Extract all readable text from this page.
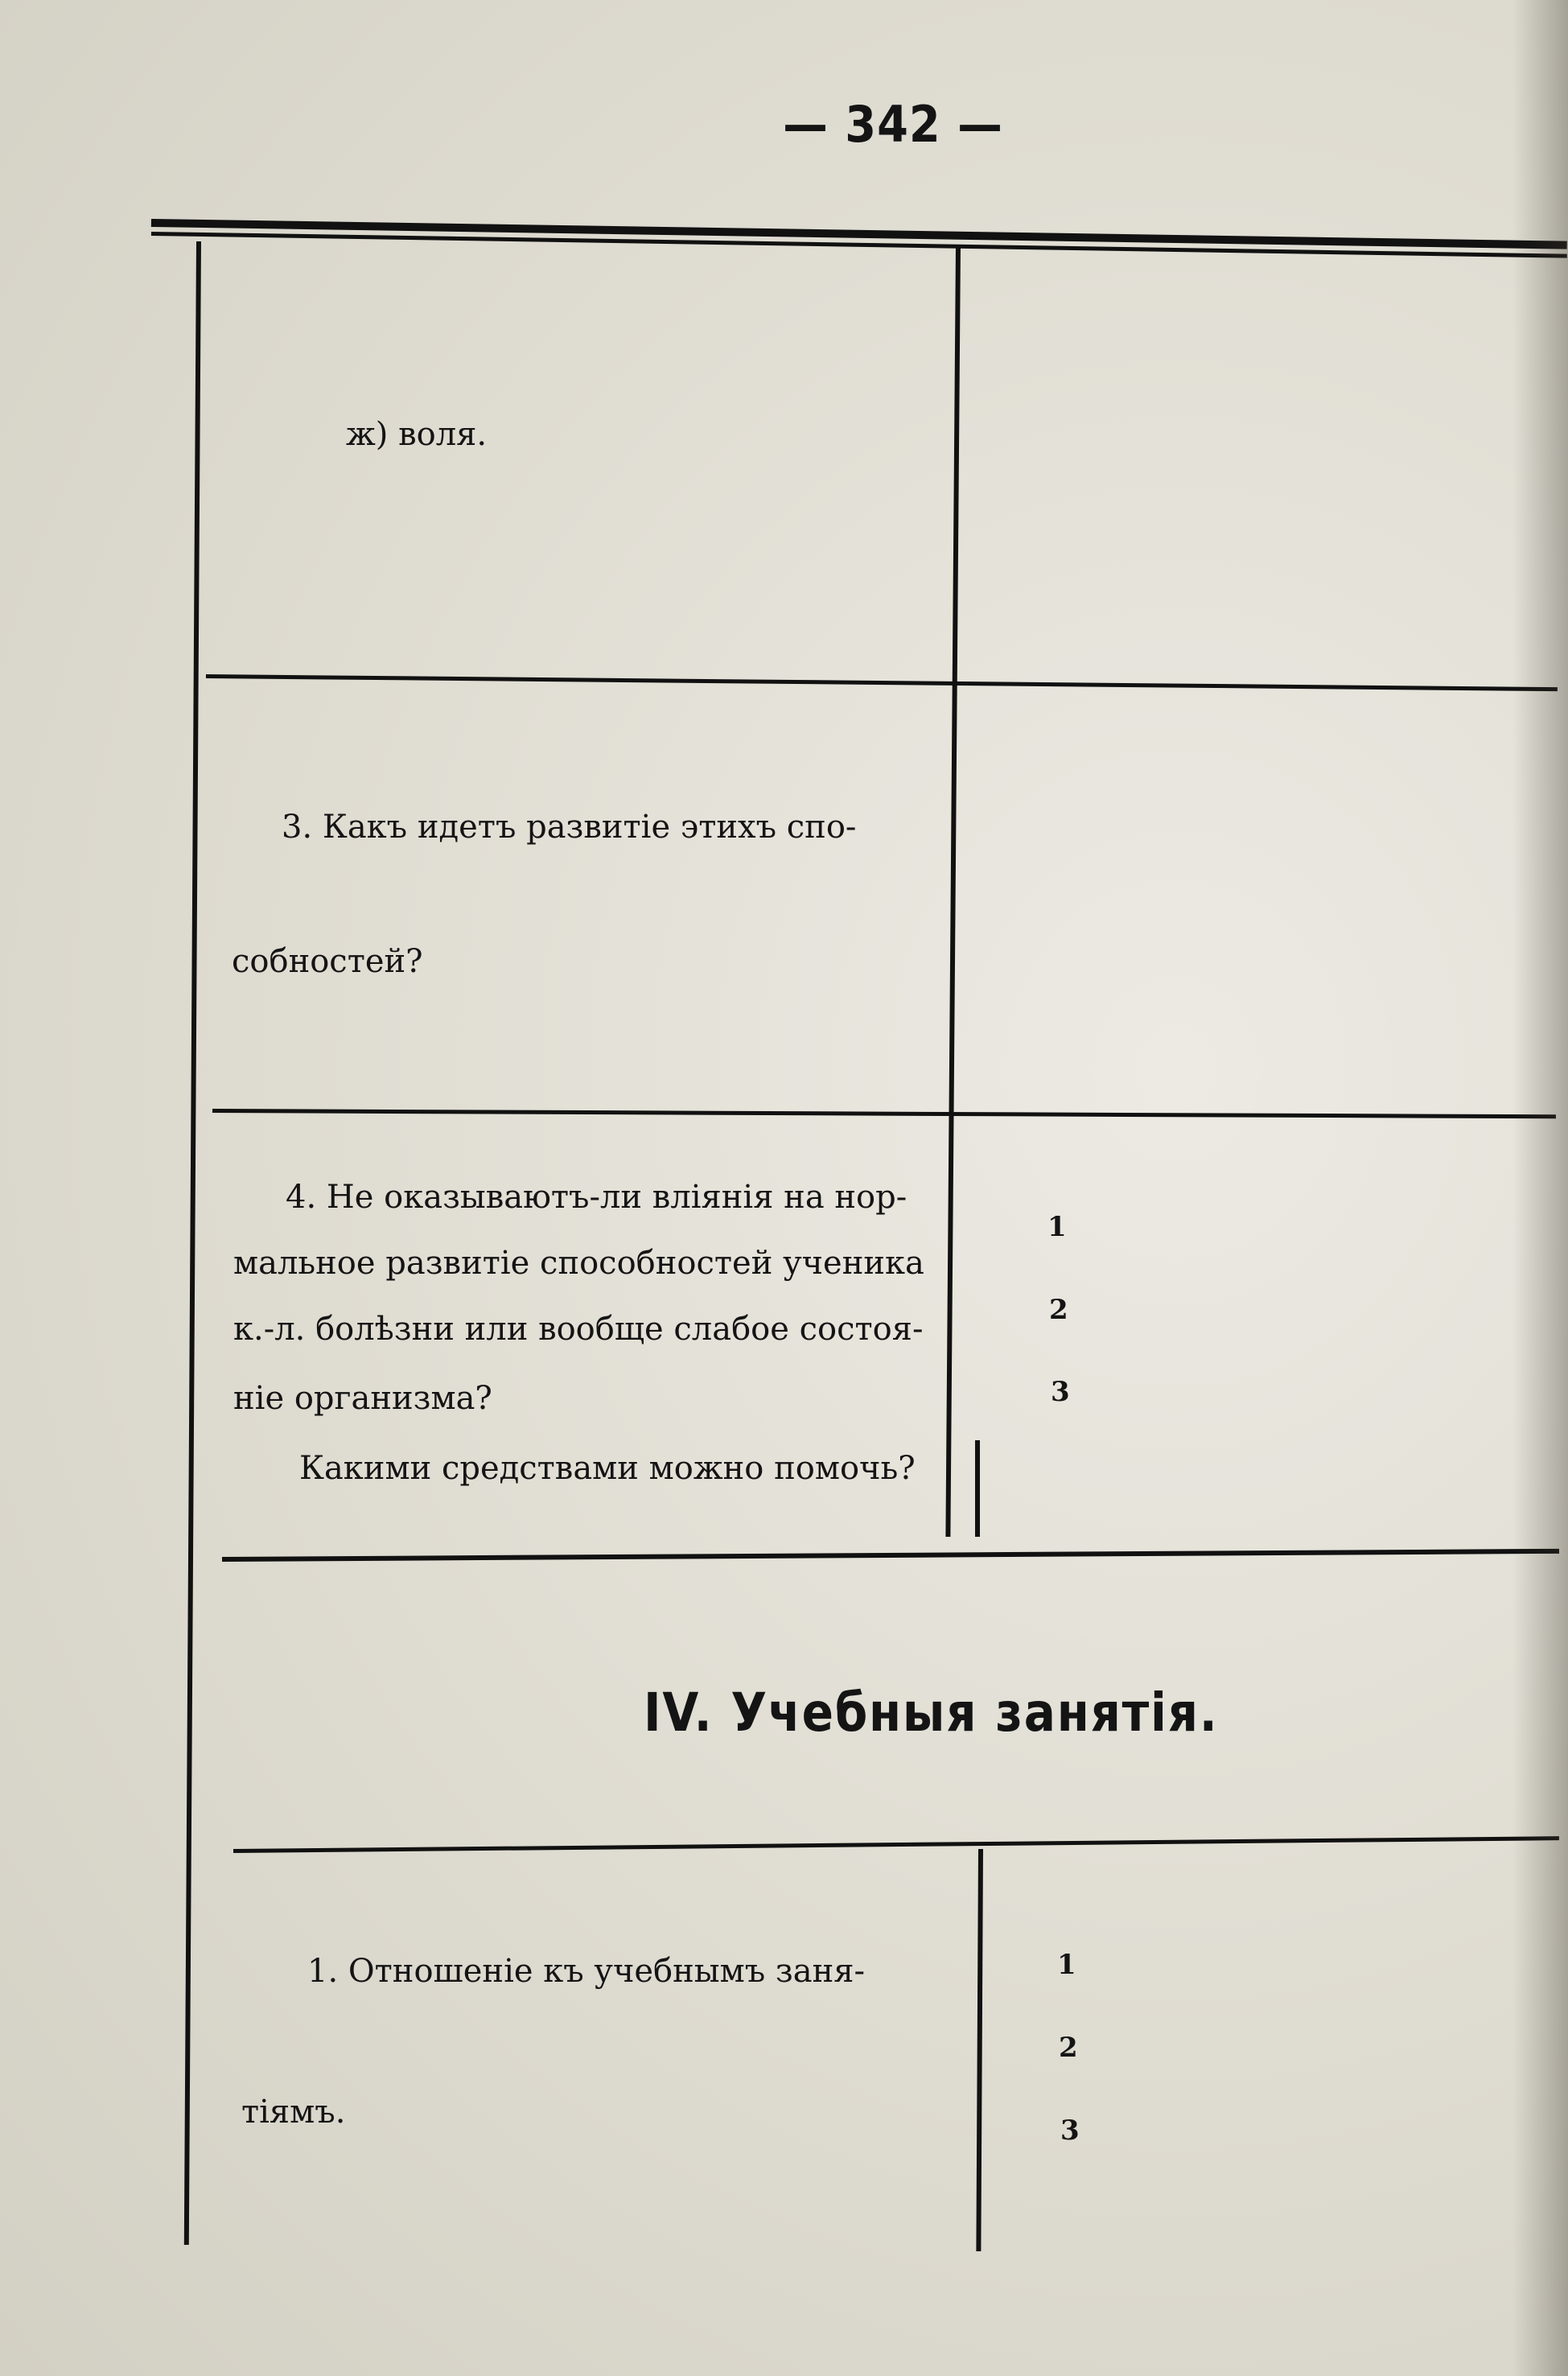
— 342 —
ж) воля.
3. Какъ идетъ развитіе этихъ спо-
собностей?
4. Не оказываютъ-ли вліянія на нор-
мальное развитіе способностей ученика
к.-л. болѣзни или вообще слабое состоя-
ніе организма?
Какими средствами можно помочь?
1
2
3
IV. Учебныя занятія.
1. Отношеніе къ учебнымъ заня-
тіямъ.
1
2
3
